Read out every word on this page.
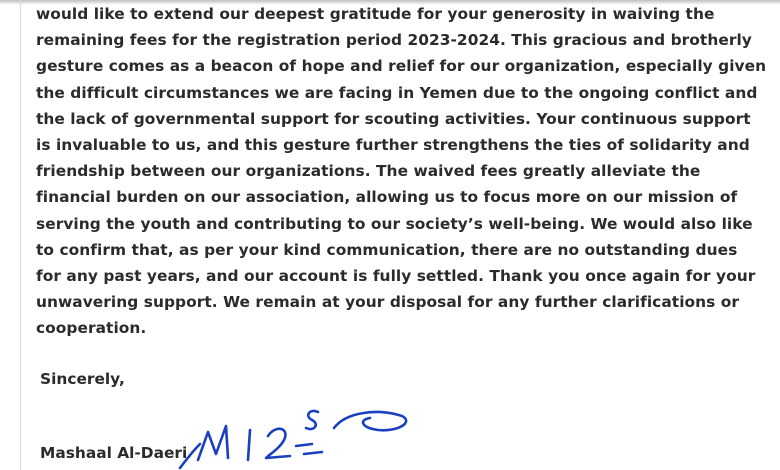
would like to extend our deepest gratitude for your generosity in waiving the
remaining fees for the registration period 2023-2024. This gracious and brotherly
gesture comes as a beacon of hope and relief for our organization, especially given
the difficult circumstances we are facing in Yemen due to the ongoing conflict and
the lack of governmental support for scouting activities. Your continuous support
is invaluable to us, and this gesture further strengthens the ties of solidarity and
friendship between our organizations. The waived fees greatly alleviate the
financial burden on our association, allowing us to focus more on our mission of
serving the youth and contributing to our society’s well-being. We would also like
to confirm that, as per your kind communication, there are no outstanding dues
for any past years, and our account is fully settled. Thank you once again for your
unwavering support. We remain at your disposal for any further clarifications or
cooperation.

Sincerely,

Mashaal Al-Daeri
